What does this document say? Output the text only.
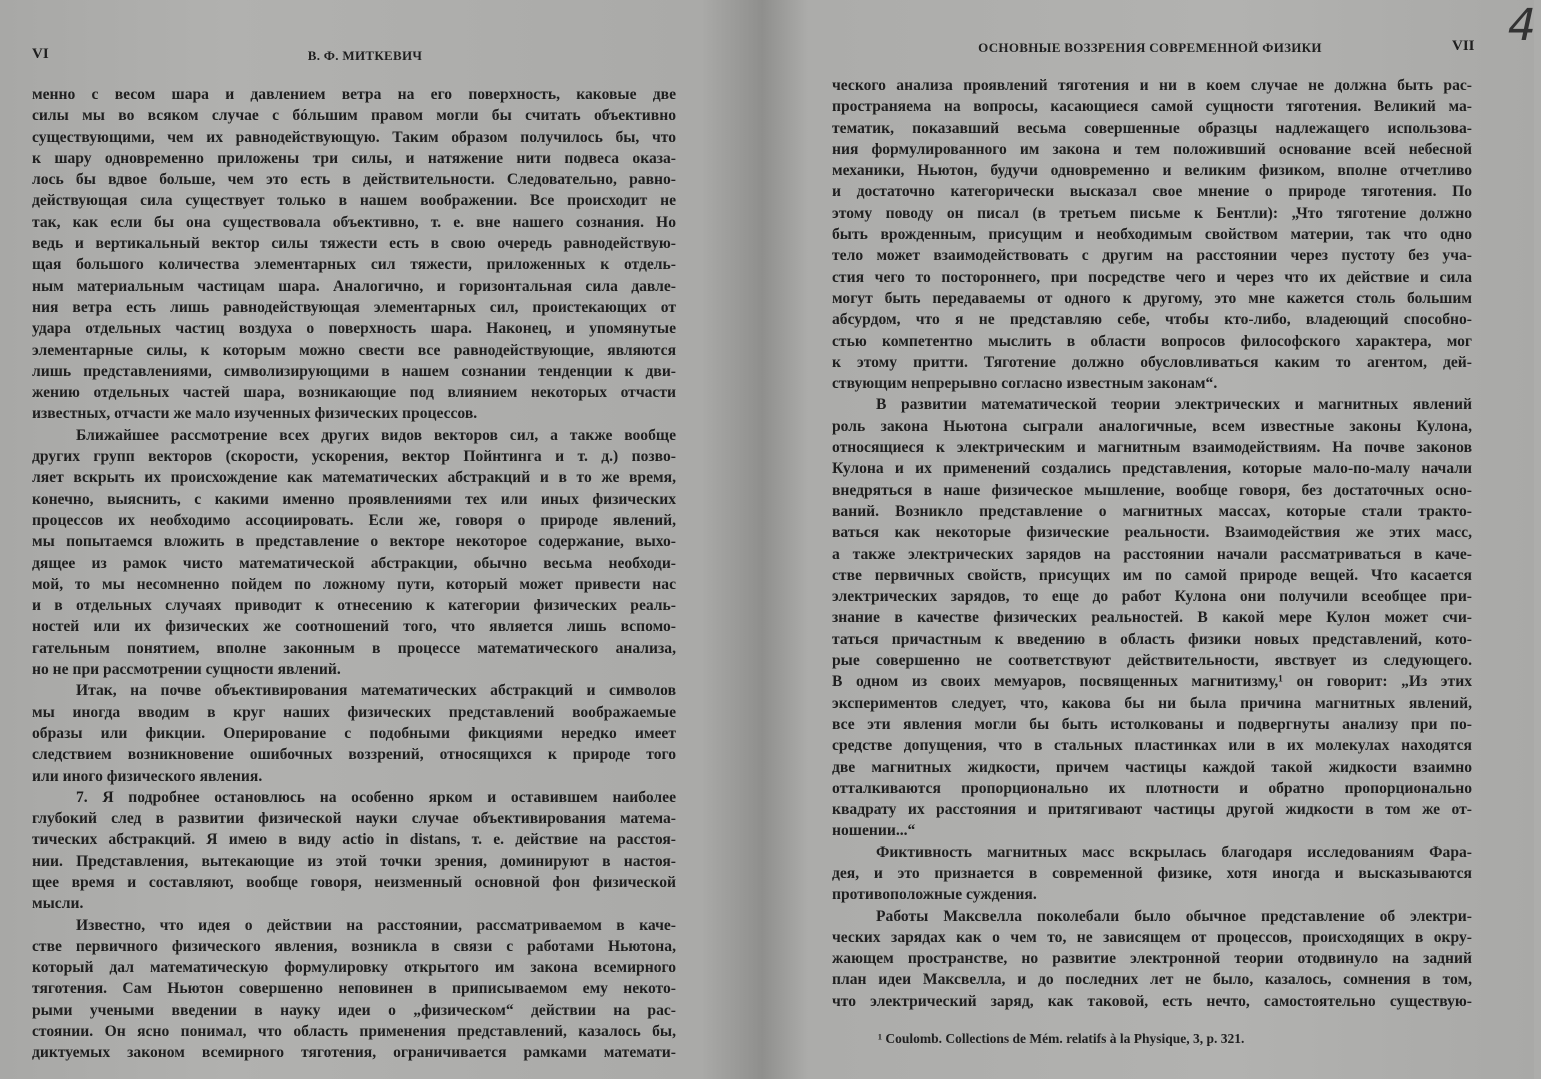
VI	В. Ф. МИТКЕВИЧ
менно с весом шара и давлением ветра на его поверхность, каковые две
силы мы во всяком случае с бóльшим правом могли бы считать объективно
существующими, чем их равнодействующую. Таким образом получилось бы, что
к шару одновременно приложены три силы, и натяжение нити подвеса оказа-
лось бы вдвое больше, чем это есть в действительности. Следовательно, равно-
действующая сила существует только в нашем воображении. Все происходит не
так, как если бы она существовала объективно, т. е. вне нашего сознания. Но
ведь и вертикальный вектор силы тяжести есть в свою очередь равнодействую-
щая большого количества элементарных сил тяжести, приложенных к отдель-
ным материальным частицам шара. Аналогично, и горизонтальная сила давле-
ния ветра есть лишь равнодействующая элементарных сил, проистекающих от
удара отдельных частиц воздуха о поверхность шара. Наконец, и упомянутые
элементарные силы, к которым можно свести все равнодействующие, являются
лишь представлениями, символизирующими в нашем сознании тенденции к дви-
жению отдельных частей шара, возникающие под влиянием некоторых отчасти
известных, отчасти же мало изученных физических процессов.
Ближайшее рассмотрение всех других видов векторов сил, а также вообще
других групп векторов (скорости, ускорения, вектор Пойнтинга и т. д.) позво-
ляет вскрыть их происхождение как математических абстракций и в то же время,
конечно, выяснить, с какими именно проявлениями тех или иных физических
процессов их необходимо ассоциировать. Если же, говоря о природе явлений,
мы попытаемся вложить в представление о векторе некоторое содержание, выхо-
дящее из рамок чисто математической абстракции, обычно весьма необходи-
мой, то мы несомненно пойдем по ложному пути, который может привести нас
и в отдельных случаях приводит к отнесению к категории физических реаль-
ностей или их физических же соотношений того, что является лишь вспомо-
гательным понятием, вполне законным в процессе математического анализа,
но не при рассмотрении сущности явлений.
Итак, на почве объективирования математических абстракций и символов
мы иногда вводим в круг наших физических представлений воображаемые
образы или фикции. Оперирование с подобными фикциями нередко имеет
следствием возникновение ошибочных воззрений, относящихся к природе того
или иного физического явления.
7. Я подробнее остановлюсь на особенно ярком и оставившем наиболее
глубокий след в развитии физической науки случае объективирования матема-
тических абстракций. Я имею в виду actio in distans, т. е. действие на расстоя-
нии. Представления, вытекающие из этой точки зрения, доминируют в настоя-
щее время и составляют, вообще говоря, неизменный основной фон физической
мысли.
Известно, что идея о действии на расстоянии, рассматриваемом в каче-
стве первичного физического явления, возникла в связи с работами Ньютона,
который дал математическую формулировку открытого им закона всемирного
тяготения. Сам Ньютон совершенно неповинен в приписываемом ему некото-
рыми учеными введении в науку идеи о „физическом“ действии на рас-
стоянии. Он ясно понимал, что область применения представлений, казалось бы,
диктуемых законом всемирного тяготения, ограничивается рамками математи-
ОСНОВНЫЕ ВОЗЗРЕНИЯ СОВРЕМЕННОЙ ФИЗИКИ	VII
ческого анализа проявлений тяготения и ни в коем случае не должна быть рас-
пространяема на вопросы, касающиеся самой сущности тяготения. Великий ма-
тематик, показавший весьма совершенные образцы надлежащего использова-
ния формулированного им закона и тем положивший основание всей небесной
механики, Ньютон, будучи одновременно и великим физиком, вполне отчетливо
и достаточно категорически высказал свое мнение о природе тяготения. По
этому поводу он писал (в третьем письме к Бентли): „Что тяготение должно
быть врожденным, присущим и необходимым свойством материи, так что одно
тело может взаимодействовать с другим на расстоянии через пустоту без уча-
стия чего то постороннего, при посредстве чего и через что их действие и сила
могут быть передаваемы от одного к другому, это мне кажется столь большим
абсурдом, что я не представляю себе, чтобы кто-либо, владеющий способно-
стью компетентно мыслить в области вопросов философского характера, мог
к этому притти. Тяготение должно обусловливаться каким то агентом, дей-
ствующим непрерывно согласно известным законам“.
В развитии математической теории электрических и магнитных явлений
роль закона Ньютона сыграли аналогичные, всем известные законы Кулона,
относящиеся к электрическим и магнитным взаимодействиям. На почве законов
Кулона и их применений создались представления, которые мало-по-малу начали
внедряться в наше физическое мышление, вообще говоря, без достаточных осно-
ваний. Возникло представление о магнитных массах, которые стали тракто-
ваться как некоторые физические реальности. Взаимодействия же этих масс,
а также электрических зарядов на расстоянии начали рассматриваться в каче-
стве первичных свойств, присущих им по самой природе вещей. Что касается
электрических зарядов, то еще до работ Кулона они получили всеобщее при-
знание в качестве физических реальностей. В какой мере Кулон может счи-
таться причастным к введению в область физики новых представлений, кото-
рые совершенно не соответствуют действительности, явствует из следующего.
В одном из своих мемуаров, посвященных магнитизму,¹ он говорит: „Из этих
экспериментов следует, что, какова бы ни была причина магнитных явлений,
все эти явления могли бы быть истолкованы и подвергнуты анализу при по-
средстве допущения, что в стальных пластинках или в их молекулах находятся
две магнитных жидкости, причем частицы каждой такой жидкости взаимно
отталкиваются пропорционально их плотности и обратно пропорционально
квадрату их расстояния и притягивают частицы другой жидкости в том же от-
ношении...“
Фиктивность магнитных масс вскрылась благодаря исследованиям Фара-
дея, и это признается в современной физике, хотя иногда и высказываются
противоположные суждения.
Работы Максвелла поколебали было обычное представление об электри-
ческих зарядах как о чем то, не зависящем от процессов, происходящих в окру-
жающем пространстве, но развитие электронной теории отодвинуло на задний
план идеи Максвелла, и до последних лет не было, казалось, сомнения в том,
что электрический заряд, как таковой, есть нечто, самостоятельно существую-
4
¹ Coulomb. Collections de Mém. relatifs à la Physique, 3, p. 321.
